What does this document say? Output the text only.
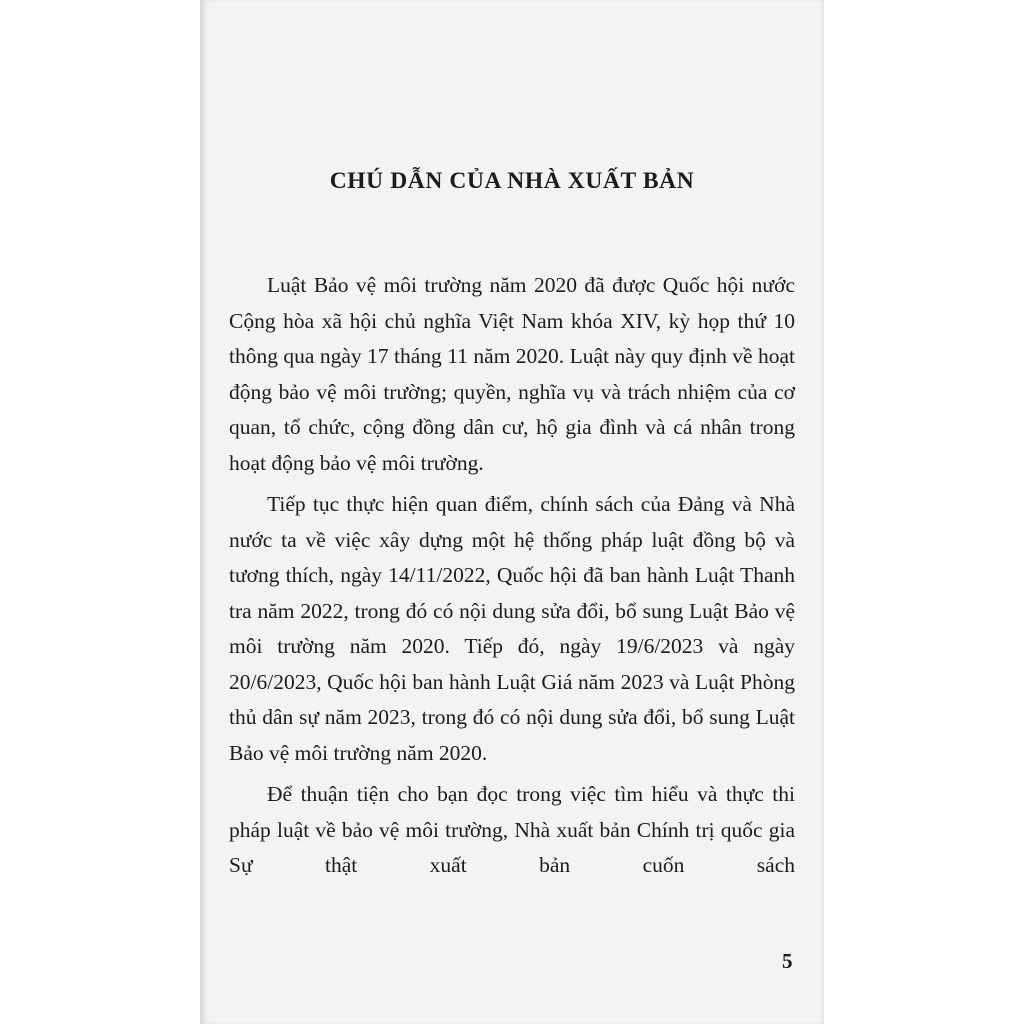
CHÚ DẪN CỦA NHÀ XUẤT BẢN

Luật Bảo vệ môi trường năm 2020 đã được Quốc hội nước Cộng hòa xã hội chủ nghĩa Việt Nam khóa XIV, kỳ họp thứ 10 thông qua ngày 17 tháng 11 năm 2020. Luật này quy định về hoạt động bảo vệ môi trường; quyền, nghĩa vụ và trách nhiệm của cơ quan, tổ chức, cộng đồng dân cư, hộ gia đình và cá nhân trong hoạt động bảo vệ môi trường.

Tiếp tục thực hiện quan điểm, chính sách của Đảng và Nhà nước ta về việc xây dựng một hệ thống pháp luật đồng bộ và tương thích, ngày 14/11/2022, Quốc hội đã ban hành Luật Thanh tra năm 2022, trong đó có nội dung sửa đổi, bổ sung Luật Bảo vệ môi trường năm 2020. Tiếp đó, ngày 19/6/2023 và ngày 20/6/2023, Quốc hội ban hành Luật Giá năm 2023 và Luật Phòng thủ dân sự năm 2023, trong đó có nội dung sửa đổi, bổ sung Luật Bảo vệ môi trường năm 2020.

Để thuận tiện cho bạn đọc trong việc tìm hiểu và thực thi pháp luật về bảo vệ môi trường, Nhà xuất bản Chính trị quốc gia Sự thật xuất bản cuốn sách

5
